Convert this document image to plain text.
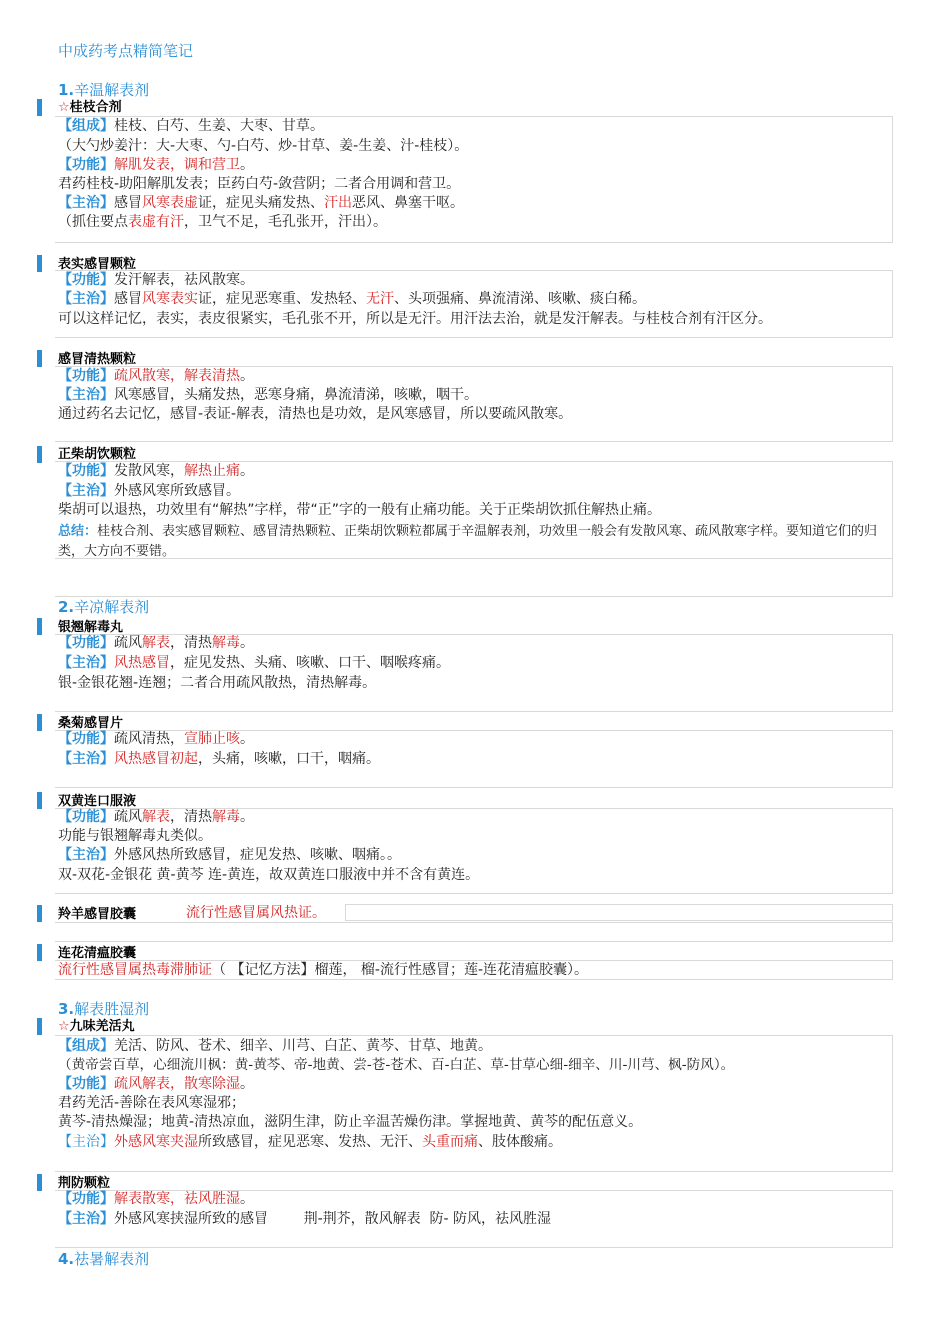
中成药考点精简笔记
1.辛温解表剂
☆桂枝合剂
【组成】桂枝、白芍、生姜、大枣、甘草。
（大勺炒姜汁：大-大枣、勺-白芍、炒-甘草、姜-生姜、汁-桂枝）。
【功能】解肌发表，调和营卫。
君药桂枝-助阳解肌发表；臣药白芍-敛营阴；二者合用调和营卫。
【主治】感冒风寒表虚证，症见头痛发热、汗出恶风、鼻塞干呕。
（抓住要点表虚有汗，卫气不足，毛孔张开，汗出）。
表实感冒颗粒
【功能】发汗解表，祛风散寒。
【主治】感冒风寒表实证，症见恶寒重、发热轻、无汗、头项强痛、鼻流清涕、咳嗽、痰白稀。
可以这样记忆，表实，表皮很紧实，毛孔张不开，所以是无汗。用汗法去治，就是发汗解表。与桂枝合剂有汗区分。
感冒清热颗粒
【功能】疏风散寒，解表清热。
【主治】风寒感冒，头痛发热，恶寒身痛，鼻流清涕，咳嗽，咽干。
通过药名去记忆，感冒-表证-解表，清热也是功效，是风寒感冒，所以要疏风散寒。
正柴胡饮颗粒
【功能】发散风寒，解热止痛。
【主治】外感风寒所致感冒。
柴胡可以退热，功效里有“解热”字样，带“正”字的一般有止痛功能。关于正柴胡饮抓住解热止痛。
总结：桂枝合剂、表实感冒颗粒、感冒清热颗粒、正柴胡饮颗粒都属于辛温解表剂，功效里一般会有发散风寒、疏风散寒字样。要知道它们的归类，大方向不要错。
2.辛凉解表剂
银翘解毒丸
【功能】疏风解表，清热解毒。
【主治】风热感冒，症见发热、头痛、咳嗽、口干、咽喉疼痛。
银-金银花翘-连翘；二者合用疏风散热，清热解毒。
桑菊感冒片
【功能】疏风清热，宣肺止咳。
【主治】风热感冒初起，头痛，咳嗽，口干，咽痛。
双黄连口服液
【功能】疏风解表，清热解毒。
功能与银翘解毒丸类似。
【主治】外感风热所致感冒，症见发热、咳嗽、咽痛。。
双-双花-金银花 黄-黄芩 连-黄连，故双黄连口服液中并不含有黄连。
羚羊感冒胶囊	流行性感冒属风热证。
连花清瘟胶囊
流行性感冒属热毒滞肺证（ 【记忆方法】榴莲， 榴-流行性感冒；莲-连花清瘟胶囊）。
3.解表胜湿剂
☆九味羌活丸
【组成】羌活、防风、苍术、细辛、川芎、白芷、黄芩、甘草、地黄。
（黄帝尝百草，心细流川枫：黄-黄芩、帝-地黄、尝-苍-苍术、百-白芷、草-甘草心细-细辛、川-川芎、枫-防风）。
【功能】疏风解表，散寒除湿。
君药羌活-善除在表风寒湿邪；
黄芩-清热燥湿；地黄-清热凉血，滋阴生津，防止辛温苦燥伤津。掌握地黄、黄芩的配伍意义。
【主治】外感风寒夹湿所致感冒，症见恶寒、发热、无汗、头重而痛、肢体酸痛。
荆防颗粒
【功能】解表散寒，祛风胜湿。
【主治】外感风寒挟湿所致的感冒        荆-荆芥，散风解表  防- 防风，祛风胜湿
4.祛暑解表剂
